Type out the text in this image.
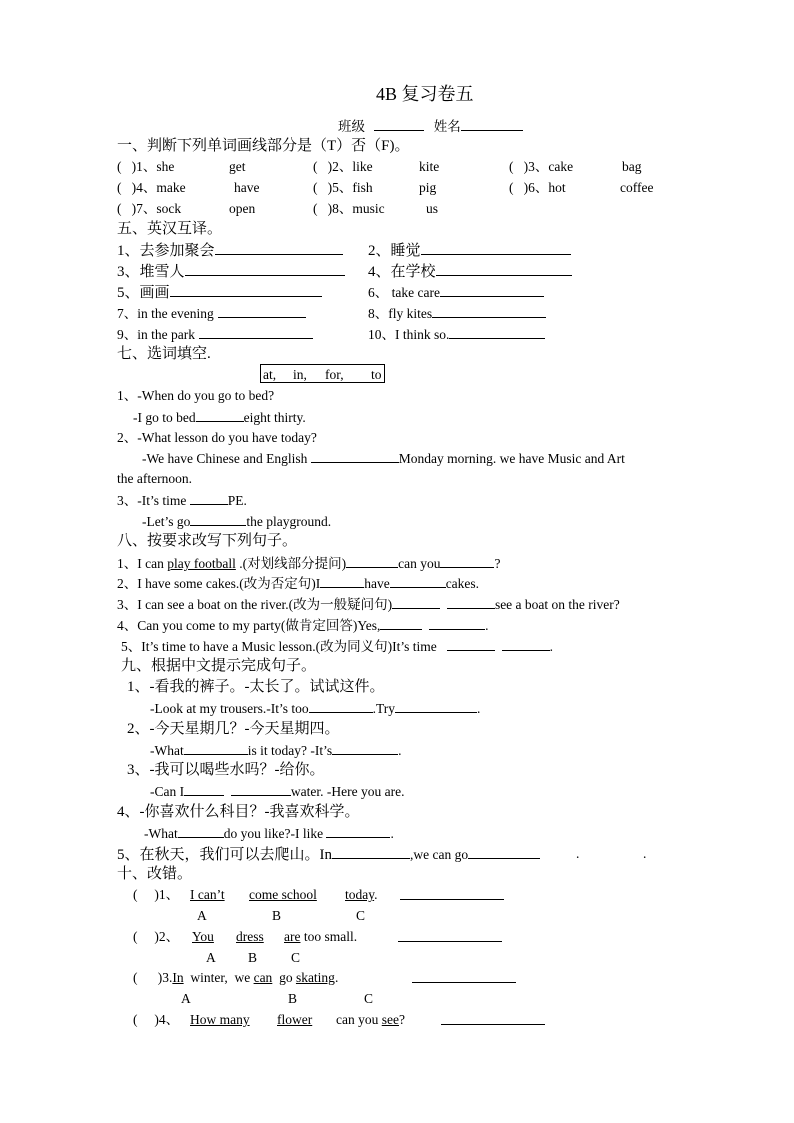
4B 复习卷五
班级	姓名
一、判断下列单词画线部分是（T）否（F)。
(   )1、she	get	(   )2、like	kite	(   )3、cake	bag
(   )4、make	have	(   )5、fish	pig	(   )6、hot	coffee
(   )7、sock	open	(   )8、music	us
五、英汉互译。
1、去参加聚会	2、睡觉
3、堆雪人	4、在学校
5、画画	6、 take care
7、in the evening	8、fly kites
9、in the park	10、I think so.
七、选词填空.
at, in, for, to
1、-When do you go to bed?
-I go to bed	eight thirty.
2、-What lesson do you have today?
-We have Chinese and English	Monday morning. we have Music and Art
the afternoon.
3、-It’s time	PE.
-Let’s go	the playground.
八、按要求改写下列句子。
1、I can play football .(对划线部分提问)	can you	?
2、I have some cakes.(改为否定句)I	have	cakes.
3、I can see a boat on the river.(改为一般疑问句)	see a boat on the river?
4、Can you come to my party(做肯定回答)Yes,	.
5、It’s time to have a Music lesson.(改为同义句)It’s time	.
九、根据中文提示完成句子。
1、-看我的裤子。-太长了。试试这件。
-Look at my trousers.-It’s too	.Try	.
2、-今天星期几？-今天星期四。
-What	is it today? -It’s	.
3、-我可以喝些水吗？-给你。
-Can I	water. -Here you are.
4、-你喜欢什么科目？-我喜欢科学。
-What	do you like?-I like	.
5、在秋天，我们可以去爬山。In	,we can go	.	.
十、改错。
(     )1、 I can’t come school today.
A	B	C
(     )2、 You dress are too small.
A B	C
(      )3.In  winter,  we can  go skating.
A	B	C
(     )4、 How many flower can you see?
